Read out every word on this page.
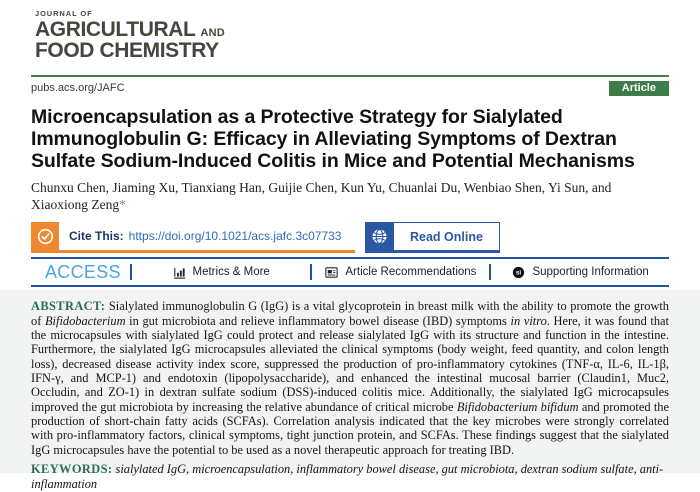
JOURNAL OF
AGRICULTURAL AND
FOOD CHEMISTRY
pubs.acs.org/JAFC	Article
Microencapsulation as a Protective Strategy for Sialylated Immunoglobulin G: Efficacy in Alleviating Symptoms of Dextran Sulfate Sodium-Induced Colitis in Mice and Potential Mechanisms
Chunxu Chen, Jiaming Xu, Tianxiang Han, Guijie Chen, Kun Yu, Chuanlai Du, Wenbiao Shen, Yi Sun, and Xiaoxiong Zeng*
Cite This: https://doi.org/10.1021/acs.jafc.3c07733	Read Online
ACCESS	Metrics & More	Article Recommendations	si Supporting Information

ABSTRACT: Sialylated immunoglobulin G (IgG) is a vital glycoprotein in breast milk with the ability to promote the growth of Bifidobacterium in gut microbiota and relieve inflammatory bowel disease (IBD) symptoms in vitro. Here, it was found that the microcapsules with sialylated IgG could protect and release sialylated IgG with its structure and function in the intestine. Furthermore, the sialylated IgG microcapsules alleviated the clinical symptoms (body weight, feed quantity, and colon length loss), decreased disease activity index score, suppressed the production of pro-inflammatory cytokines (TNF-α, IL-6, IL-1β, IFN-γ, and MCP-1) and endotoxin (lipopolysaccharide), and enhanced the intestinal mucosal barrier (Claudin1, Muc2, Occludin, and ZO-1) in dextran sulfate sodium (DSS)-induced colitis mice. Additionally, the sialylated IgG microcapsules improved the gut microbiota by increasing the relative abundance of critical microbe Bifidobacterium bifidum and promoted the production of short-chain fatty acids (SCFAs). Correlation analysis indicated that the key microbes were strongly correlated with pro-inflammatory factors, clinical symptoms, tight junction protein, and SCFAs. These findings suggest that the sialylated IgG microcapsules have the potential to be used as a novel therapeutic approach for treating IBD.

KEYWORDS: sialylated IgG, microencapsulation, inflammatory bowel disease, gut microbiota, dextran sodium sulfate, anti-inflammation
